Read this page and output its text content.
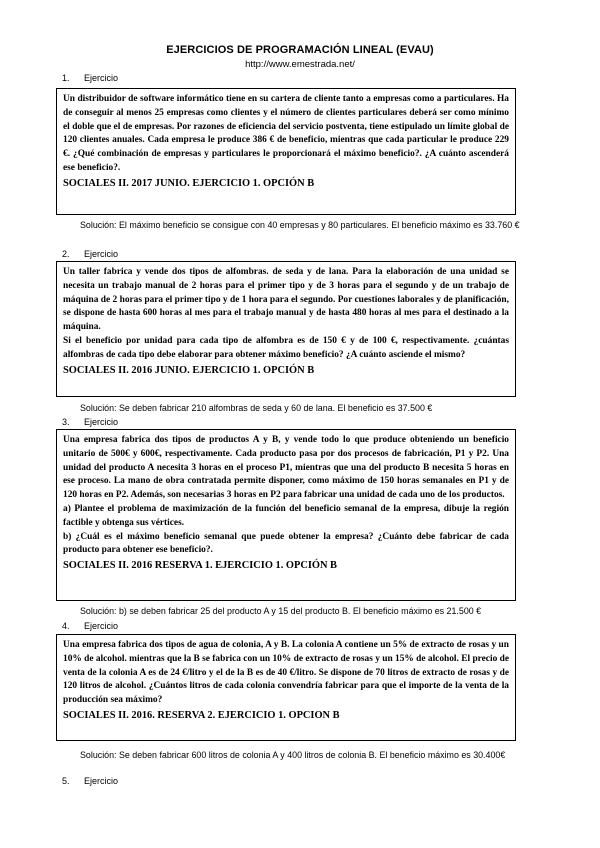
EJERCICIOS DE PROGRAMACIÓN LINEAL (EVAU)
http://www.emestrada.net/
1. Ejercicio

Un distribuidor de software informático tiene en su cartera de cliente tanto a empresas como a particulares. Ha de conseguir al menos 25 empresas como clientes y el número de clientes particulares deberá ser como mínimo el doble que el de empresas. Por razones de eficiencia del servicio postventa, tiene estipulado un límite global de 120 clientes anuales. Cada empresa le produce 386 € de beneficio, mientras que cada particular le produce 229 €. ¿Qué combinación de empresas y particulares le proporcionará el máximo beneficio?. ¿A cuánto ascenderá ese beneficio?.

SOCIALES II. 2017 JUNIO. EJERCICIO 1. OPCIÓN B

Solución: El máximo beneficio se consigue con 40 empresas y 80 particulares. El beneficio máximo es 33.760 €
2. Ejercicio

Un taller fabrica y vende dos tipos de alfombras. de seda y de lana. Para la elaboración de una unidad se necesita un trabajo manual de 2 horas para el primer tipo y de 3 horas para el segundo y de un trabajo de máquina de 2 horas para el primer tipo y de 1 hora para el segundo. Por cuestiones laborales y de planificación, se dispone de hasta 600 horas al mes para el trabajo manual y de hasta 480 horas al mes para el destinado a la máquina.

Si el beneficio por unidad para cada tipo de alfombra es de 150 € y de 100 €, respectivamente. ¿cuántas alfombras de cada tipo debe elaborar para obtener máximo beneficio? ¿A cuánto asciende el mismo?

SOCIALES II. 2016 JUNIO. EJERCICIO 1. OPCIÓN B

Solución: Se deben fabricar 210 alfombras de seda y 60 de lana. El beneficio es 37.500 €
3. Ejercicio

Una empresa fabrica dos tipos de productos A y B, y vende todo lo que produce obteniendo un beneficio unitario de 500€ y 600€, respectivamente. Cada producto pasa por dos procesos de fabricación, P1 y P2. Una unidad del producto A necesita 3 horas en el proceso P1, mientras que una del producto B necesita 5 horas en ese proceso. La mano de obra contratada permite disponer, como máximo de 150 horas semanales en P1 y de 120 horas en P2. Además, son necesarias 3 horas en P2 para fabricar una unidad de cada uno de los productos.

a) Plantee el problema de maximización de la función del beneficio semanal de la empresa, dibuje la región factible y obtenga sus vértices.

b) ¿Cuál es el máximo beneficio semanal que puede obtener la empresa? ¿Cuánto debe fabricar de cada producto para obtener ese beneficio?.

SOCIALES II. 2016 RESERVA 1. EJERCICIO 1. OPCIÓN B

Solución: b) se deben fabricar 25 del producto A y 15 del producto B. El beneficio máximo es 21.500 €
4. Ejercicio

Una empresa fabrica dos tipos de agua de colonia, A y B. La colonia A contiene un 5% de extracto de rosas y un 10% de alcohol. mientras que la B se fabrica con un 10% de extracto de rosas y un 15% de alcohol. El precio de venta de la colonia A es de 24 €/litro y el de la B es de 40 €/litro. Se dispone de 70 litros de extracto de rosas y de 120 litros de alcohol. ¿Cuántos litros de cada colonia convendría fabricar para que el importe de la venta de la producción sea máximo?

SOCIALES II. 2016. RESERVA 2. EJERCICIO 1. OPCION B

Solución: Se deben fabricar 600 litros de colonia A y 400 litros de colonia B. El beneficio máximo es 30.400€
5. Ejercicio
